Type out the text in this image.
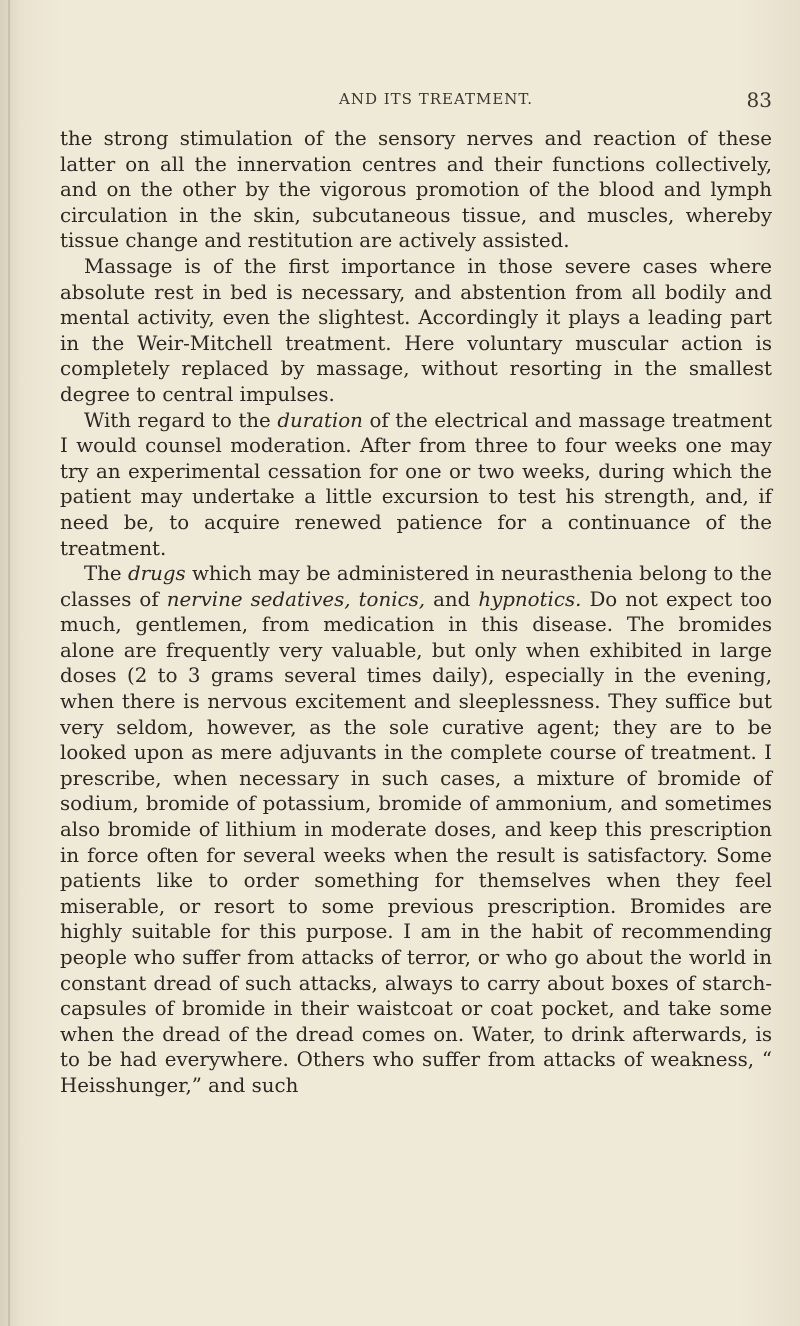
AND ITS TREATMENT.	83

the strong stimulation of the sensory nerves and reaction of these latter on all the innervation centres and their functions collectively, and on the other by the vigorous promotion of the blood and lymph circulation in the skin, subcutaneous tissue, and muscles, whereby tissue change and restitution are actively assisted.

Massage is of the first importance in those severe cases where absolute rest in bed is necessary, and abstention from all bodily and mental activity, even the slightest. Accordingly it plays a leading part in the Weir-Mitchell treatment. Here voluntary muscular action is completely replaced by massage, without resorting in the smallest degree to central impulses.

With regard to the duration of the electrical and massage treatment I would counsel moderation. After from three to four weeks one may try an experimental cessation for one or two weeks, during which the patient may undertake a little excursion to test his strength, and, if need be, to acquire renewed patience for a continuance of the treatment.

The drugs which may be administered in neurasthenia belong to the classes of nervine sedatives, tonics, and hypnotics. Do not expect too much, gentlemen, from medication in this disease. The bromides alone are frequently very valuable, but only when exhibited in large doses (2 to 3 grams several times daily), especially in the evening, when there is nervous excitement and sleeplessness. They suffice but very seldom, however, as the sole curative agent; they are to be looked upon as mere adjuvants in the complete course of treatment. I prescribe, when necessary in such cases, a mixture of bromide of sodium, bromide of potassium, bromide of ammonium, and sometimes also bromide of lithium in moderate doses, and keep this prescription in force often for several weeks when the result is satisfactory. Some patients like to order something for themselves when they feel miserable, or resort to some previous prescription. Bromides are highly suitable for this purpose. I am in the habit of recommending people who suffer from attacks of terror, or who go about the world in constant dread of such attacks, always to carry about boxes of starch-capsules of bromide in their waistcoat or coat pocket, and take some when the dread of the dread comes on. Water, to drink afterwards, is to be had everywhere. Others who suffer from attacks of weakness, “ Heisshunger,” and such
